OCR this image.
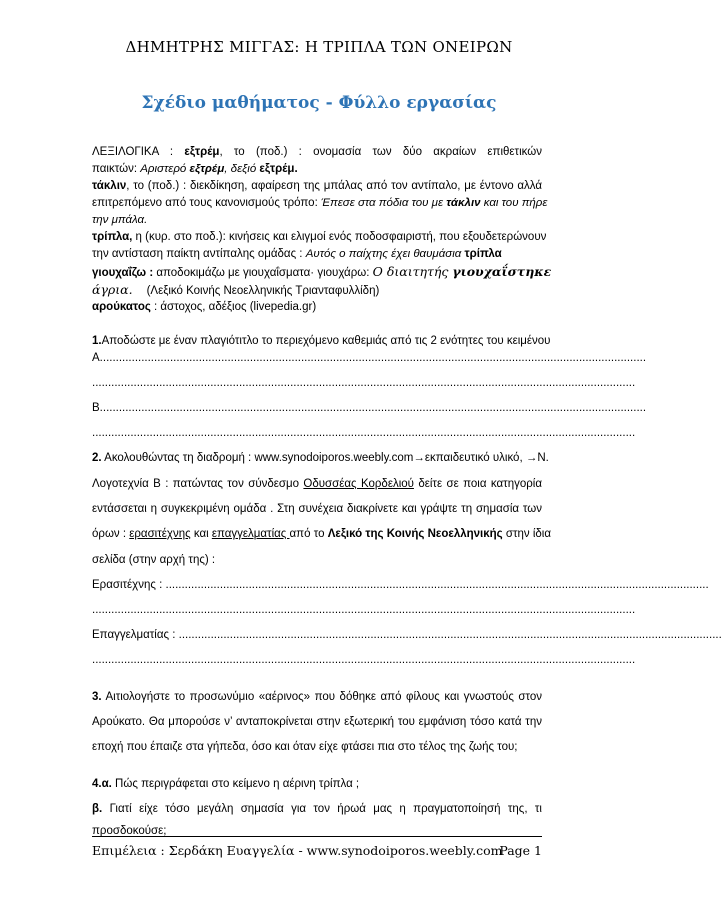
ΔΗΜΗΤΡΗΣ ΜΙΓΓΑΣ: Η ΤΡΙΠΛΑ ΤΩΝ ΟΝΕΙΡΩΝ
Σχέδιο μαθήματος - Φύλλο εργασίας
ΛΕΞΙΛΟΓΙΚΑ : εξτρέμ, το (ποδ.) : ονομασία των δύο ακραίων επιθετικών
παικτών: Αριστερό εξτρέμ, δεξιό εξτρέμ.
τάκλιν, το (ποδ.) : διεκδίκηση, αφαίρεση της μπάλας από τον αντίπαλο, με έντονο αλλά
επιτρεπόμενο από τους κανονισμούς τρόπο: Έπεσε στα πόδια του με τάκλιν και του πήρε
την μπάλα.
τρίπλα, η (κυρ. στο ποδ.): κινήσεις και ελιγμοί ενός ποδοσφαιριστή, που εξουδετερώνουν
την αντίσταση παίκτη αντίπαλης ομάδας : Αυτός ο παίχτης έχει θαυμάσια τρίπλα
γιουχαΐζω : αποδοκιμάζω με γιουχαΐσματα· γιουχάρω: Ο διαιτητής γιουχαΐστηκε
άγρια. (Λεξικό Κοινής Νεοελληνικής Τριανταφυλλίδη)
αρούκατος : άστοχος, αδέξιος (livepedia.gr)
1.Αποδώστε με έναν πλαγιότιτλο το περιεχόμενο καθεμιάς από τις 2 ενότητες του κειμένου
Α...........................................................................................................................................................................
..........................................................................................................................................................................
Β...........................................................................................................................................................................
..........................................................................................................................................................................
2. Ακολουθώντας τη διαδρομή : www.synodoiporos.weebly.com→εκπαιδευτικό υλικό, →Ν.
Λογοτεχνία Β : πατώντας τον σύνδεσμο Οδυσσέας Κορδελιού δείτε σε ποια κατηγορία
εντάσσεται η συγκεκριμένη ομάδα . Στη συνέχεια διακρίνετε και γράψτε τη σημασία των
όρων : ερασιτέχνης και επαγγελματίας από το Λεξικό της Κοινής Νεοελληνικής στην ίδια
σελίδα (στην αρχή της) :
Ερασιτέχνης : ..........................................................................................................................................................................
..........................................................................................................................................................................
Επαγγελματίας : ..........................................................................................................................................................................
..........................................................................................................................................................................
3. Αιτιολογήστε το προσωνύμιο «αέρινος» που δόθηκε από φίλους και γνωστούς στον
Αρούκατο. Θα μπορούσε ν’ ανταποκρίνεται στην εξωτερική του εμφάνιση τόσο κατά την
εποχή που έπαιζε στα γήπεδα, όσο και όταν είχε φτάσει πια στο τέλος της ζωής του;
4.α. Πώς περιγράφεται στο κείμενο η αέρινη τρίπλα ;
β. Γιατί είχε τόσο μεγάλη σημασία για τον ήρωά μας η πραγματοποίησή της, τι
προσδοκούσε;
Επιμέλεια : Σερδάκη Ευαγγελία - www.synodoiporos.weebly.com
Page 1
